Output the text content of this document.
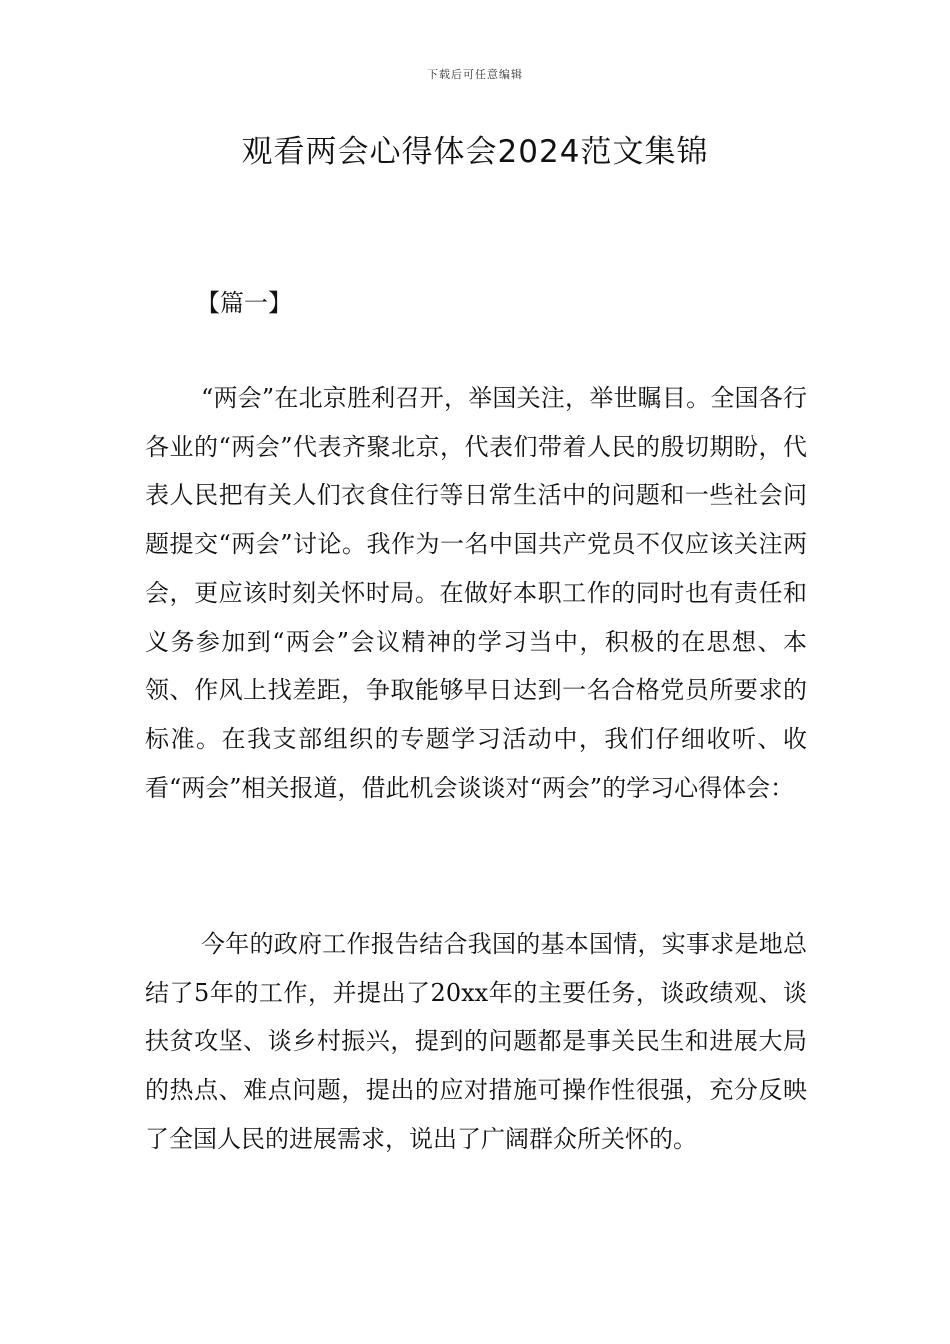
下载后可任意编辑
观看两会心得体会2024范文集锦
【篇一】

“两会”在北京胜利召开，举国关注，举世瞩目。全国各行各业的“两会”代表齐聚北京，代表们带着人民的殷切期盼，代表人民把有关人们衣食住行等日常生活中的问题和一些社会问题提交“两会”讨论。我作为一名中国共产党员不仅应该关注两会，更应该时刻关怀时局。在做好本职工作的同时也有责任和义务参加到“两会”会议精神的学习当中，积极的在思想、本领、作风上找差距，争取能够早日达到一名合格党员所要求的标准。在我支部组织的专题学习活动中，我们仔细收听、收看“两会”相关报道，借此机会谈谈对“两会”的学习心得体会：

今年的政府工作报告结合我国的基本国情，实事求是地总结了5年的工作，并提出了20xx年的主要任务，谈政绩观、谈扶贫攻坚、谈乡村振兴，提到的问题都是事关民生和进展大局的热点、难点问题，提出的应对措施可操作性很强，充分反映了全国人民的进展需求，说出了广阔群众所关怀的。
